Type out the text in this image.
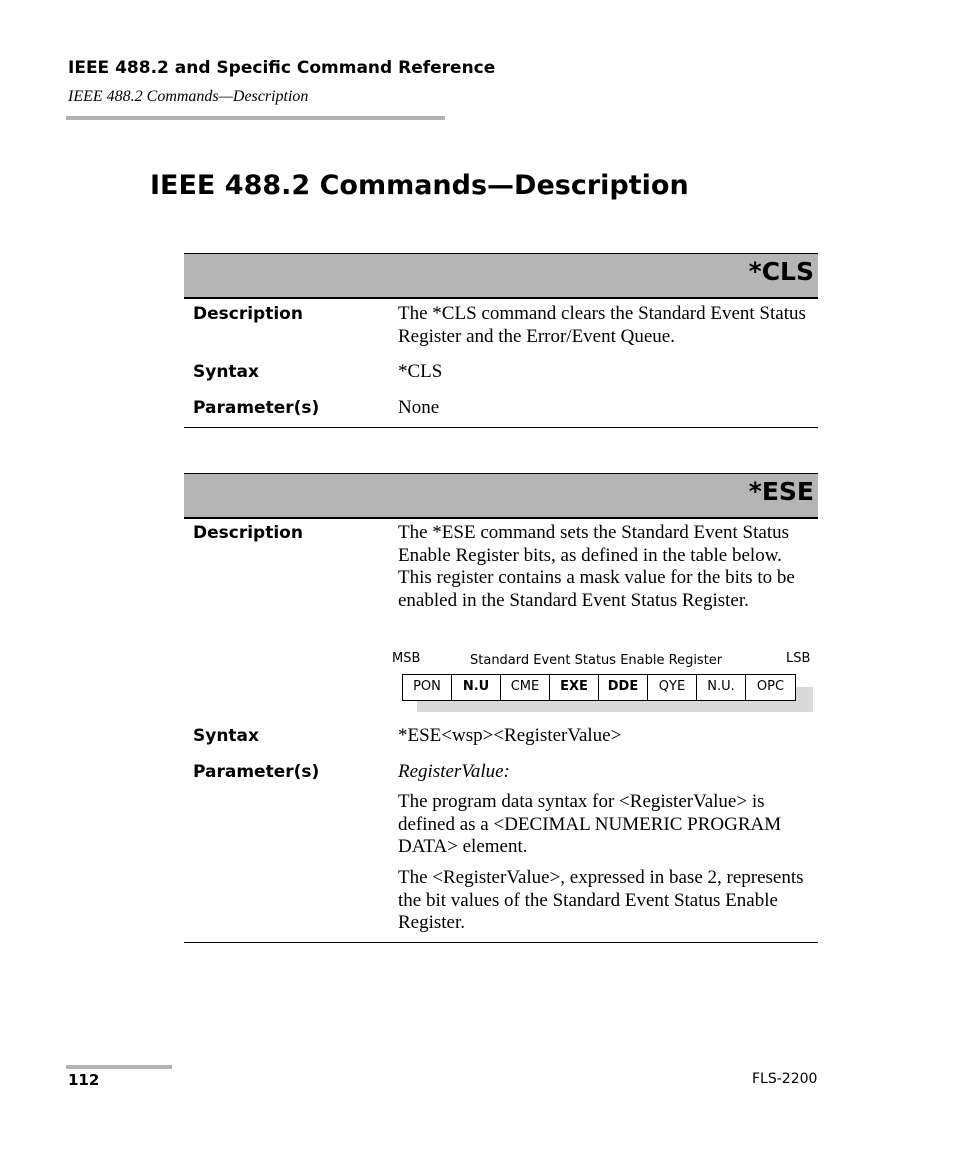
IEEE 488.2 and Specific Command Reference
IEEE 488.2 Commands—Description
IEEE 488.2 Commands—Description
*CLS
Description	The *CLS command clears the Standard Event Status Register and the Error/Event Queue.
Syntax	*CLS
Parameter(s)	None
*ESE
Description	The *ESE command sets the Standard Event Status Enable Register bits, as defined in the table below. This register contains a mask value for the bits to be enabled in the Standard Event Status Register.
MSB	Standard Event Status Enable Register	LSB
PON	N.U	CME	EXE	DDE	QYE	N.U.	OPC
Syntax	*ESE<wsp><RegisterValue>
Parameter(s)	RegisterValue:
The program data syntax for <RegisterValue> is defined as a <DECIMAL NUMERIC PROGRAM DATA> element.
The <RegisterValue>, expressed in base 2, represents the bit values of the Standard Event Status Enable Register.
112	FLS-2200
